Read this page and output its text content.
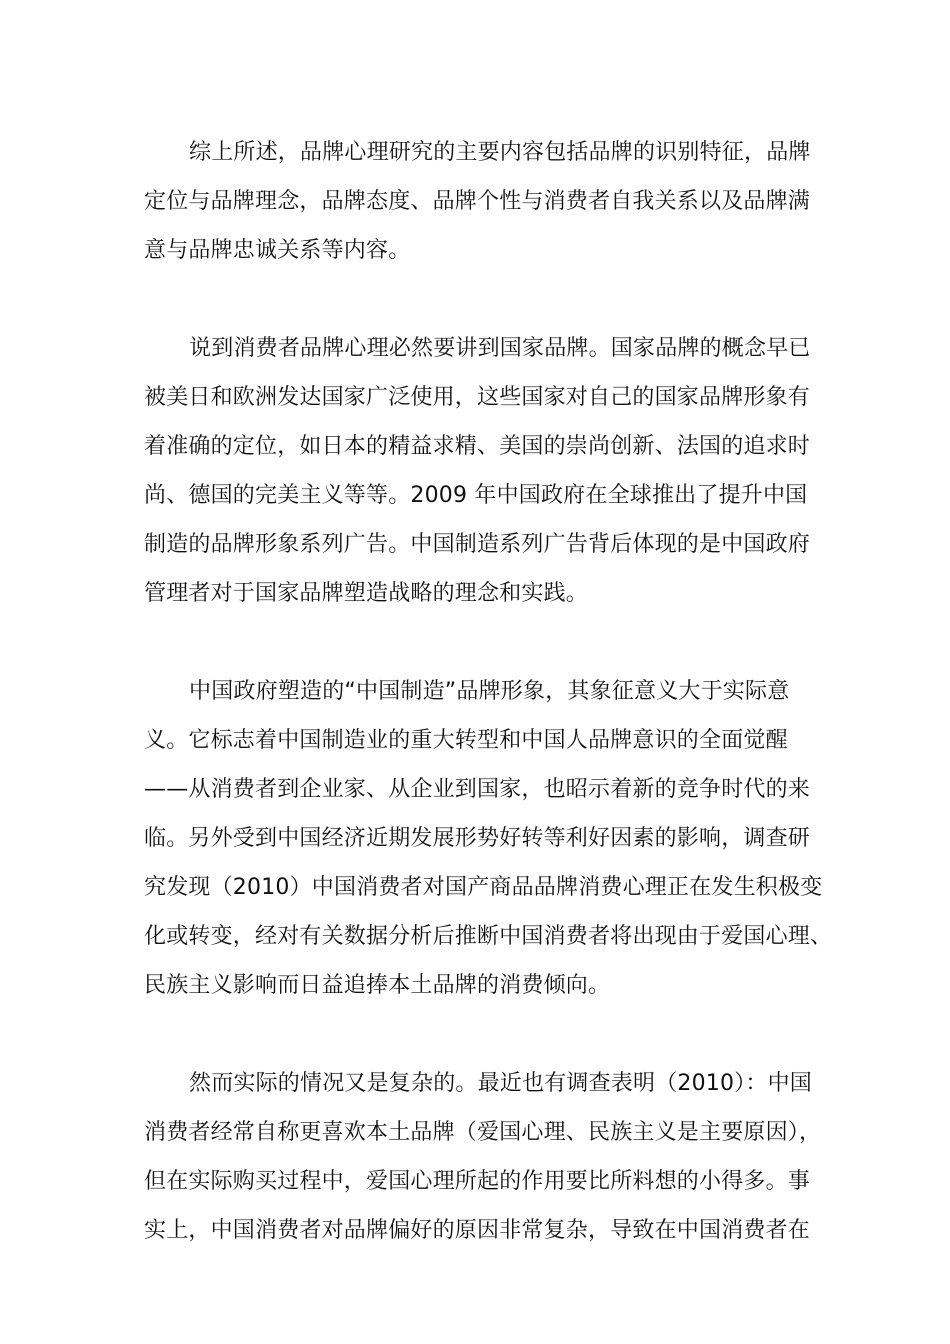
综上所述，品牌心理研究的主要内容包括品牌的识别特征，品牌
定位与品牌理念，品牌态度、品牌个性与消费者自我关系以及品牌满
意与品牌忠诚关系等内容。
说到消费者品牌心理必然要讲到国家品牌。国家品牌的概念早已
被美日和欧洲发达国家广泛使用，这些国家对自己的国家品牌形象有
着准确的定位，如日本的精益求精、美国的崇尚创新、法国的追求时
尚、德国的完美主义等等。2009 年中国政府在全球推出了提升中国
制造的品牌形象系列广告。中国制造系列广告背后体现的是中国政府
管理者对于国家品牌塑造战略的理念和实践。
中国政府塑造的“中国制造”品牌形象，其象征意义大于实际意
义。它标志着中国制造业的重大转型和中国人品牌意识的全面觉醒
——从消费者到企业家、从企业到国家，也昭示着新的竞争时代的来
临。另外受到中国经济近期发展形势好转等利好因素的影响，调查研
究发现（2010）中国消费者对国产商品品牌消费心理正在发生积极变
化或转变，经对有关数据分析后推断中国消费者将出现由于爱国心理、
民族主义影响而日益追捧本土品牌的消费倾向。
然而实际的情况又是复杂的。最近也有调查表明（2010）：中国
消费者经常自称更喜欢本土品牌（爱国心理、民族主义是主要原因），
但在实际购买过程中，爱国心理所起的作用要比所料想的小得多。事
实上，中国消费者对品牌偏好的原因非常复杂，导致在中国消费者在
